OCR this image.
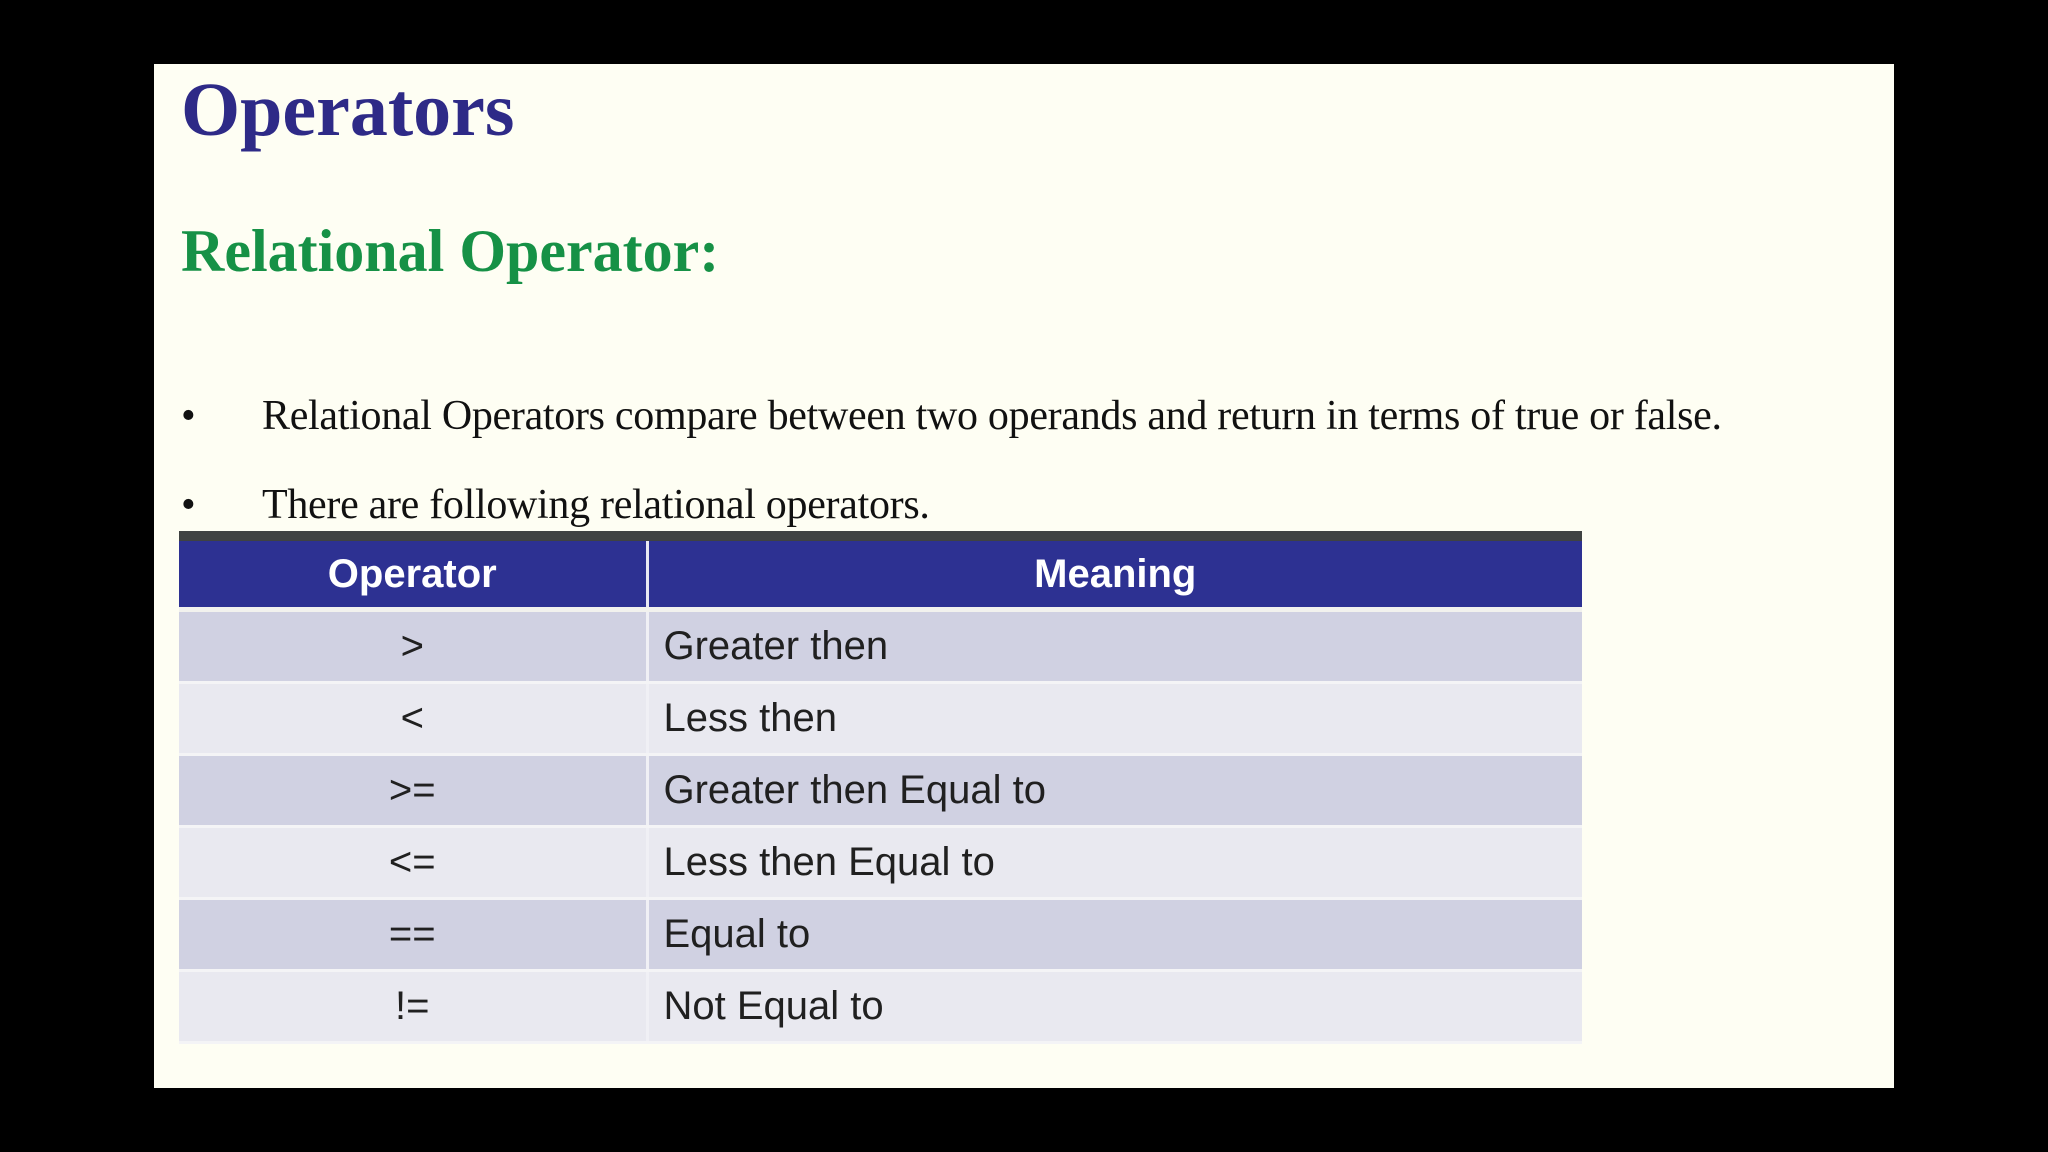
Operators
Relational Operator:
• Relational Operators compare between two operands and return in terms of true or false.
• There are following relational operators.
Operator	Meaning
>	Greater then
<	Less then
>=	Greater then Equal to
<=	Less then Equal to
==	Equal to
!=	Not Equal to
